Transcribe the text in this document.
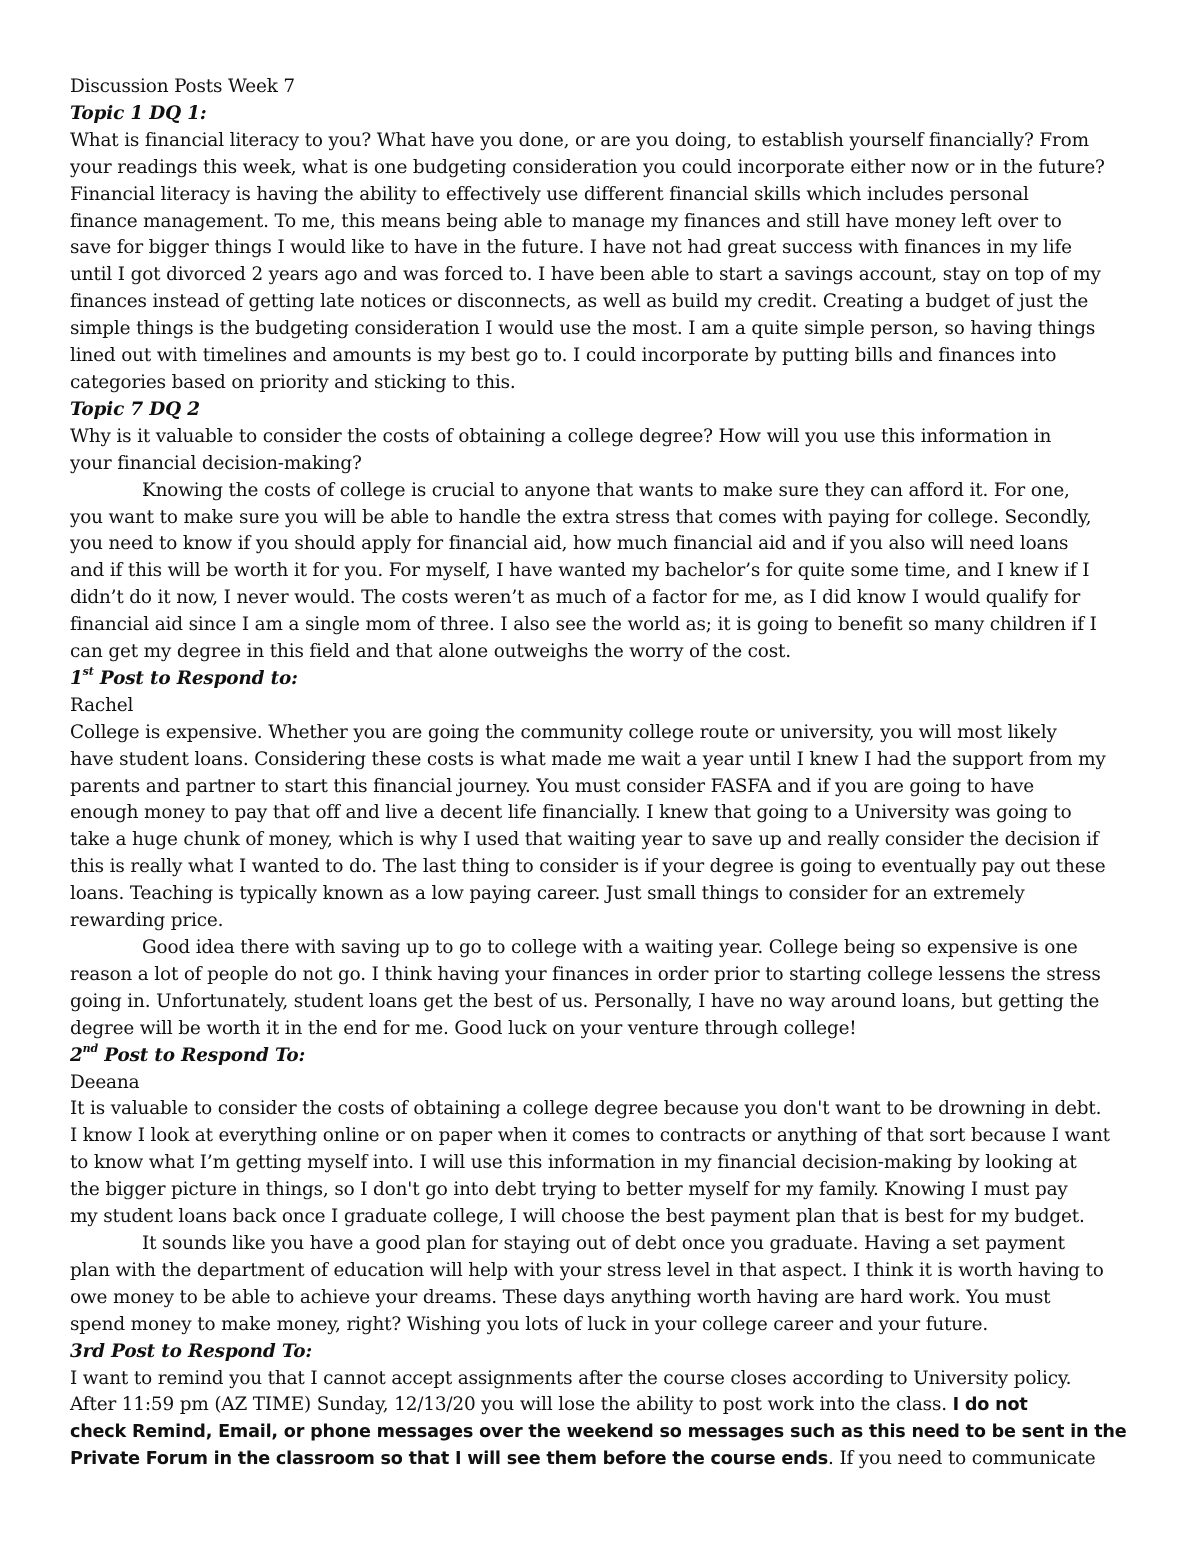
Discussion Posts Week 7

Topic 1 DQ 1:

What is financial literacy to you? What have you done, or are you doing, to establish yourself financially? From

your readings this week, what is one budgeting consideration you could incorporate either now or in the future?

Financial literacy is having the ability to effectively use different financial skills which includes personal

finance management. To me, this means being able to manage my finances and still have money left over to

save for bigger things I would like to have in the future. I have not had great success with finances in my life

until I got divorced 2 years ago and was forced to. I have been able to start a savings account, stay on top of my

finances instead of getting late notices or disconnects, as well as build my credit. Creating a budget of just the

simple things is the budgeting consideration I would use the most. I am a quite simple person, so having things

lined out with timelines and amounts is my best go to. I could incorporate by putting bills and finances into

categories based on priority and sticking to this.

Topic 7 DQ 2

Why is it valuable to consider the costs of obtaining a college degree? How will you use this information in

your financial decision-making?

Knowing the costs of college is crucial to anyone that wants to make sure they can afford it. For one,

you want to make sure you will be able to handle the extra stress that comes with paying for college. Secondly,

you need to know if you should apply for financial aid, how much financial aid and if you also will need loans

and if this will be worth it for you. For myself, I have wanted my bachelor’s for quite some time, and I knew if I

didn’t do it now, I never would. The costs weren’t as much of a factor for me, as I did know I would qualify for

financial aid since I am a single mom of three. I also see the world as; it is going to benefit so many children if I

can get my degree in this field and that alone outweighs the worry of the cost.

1st Post to Respond to:

Rachel

College is expensive. Whether you are going the community college route or university, you will most likely

have student loans. Considering these costs is what made me wait a year until I knew I had the support from my

parents and partner to start this financial journey. You must consider FASFA and if you are going to have

enough money to pay that off and live a decent life financially. I knew that going to a University was going to

take a huge chunk of money, which is why I used that waiting year to save up and really consider the decision if

this is really what I wanted to do. The last thing to consider is if your degree is going to eventually pay out these

loans. Teaching is typically known as a low paying career. Just small things to consider for an extremely

rewarding price.

Good idea there with saving up to go to college with a waiting year. College being so expensive is one

reason a lot of people do not go. I think having your finances in order prior to starting college lessens the stress

going in. Unfortunately, student loans get the best of us. Personally, I have no way around loans, but getting the

degree will be worth it in the end for me. Good luck on your venture through college!

2nd Post to Respond To:

Deeana

It is valuable to consider the costs of obtaining a college degree because you don't want to be drowning in debt.

I know I look at everything online or on paper when it comes to contracts or anything of that sort because I want

to know what I’m getting myself into. I will use this information in my financial decision-making by looking at

the bigger picture in things, so I don't go into debt trying to better myself for my family. Knowing I must pay

my student loans back once I graduate college, I will choose the best payment plan that is best for my budget.

It sounds like you have a good plan for staying out of debt once you graduate. Having a set payment

plan with the department of education will help with your stress level in that aspect. I think it is worth having to

owe money to be able to achieve your dreams. These days anything worth having are hard work. You must

spend money to make money, right? Wishing you lots of luck in your college career and your future.

3rd Post to Respond To:

I want to remind you that I cannot accept assignments after the course closes according to University policy.

After 11:59 pm (AZ TIME) Sunday, 12/13/20 you will lose the ability to post work into the class. I do not

check Remind, Email, or phone messages over the weekend so messages such as this need to be sent in the

Private Forum in the classroom so that I will see them before the course ends. If you need to communicate
